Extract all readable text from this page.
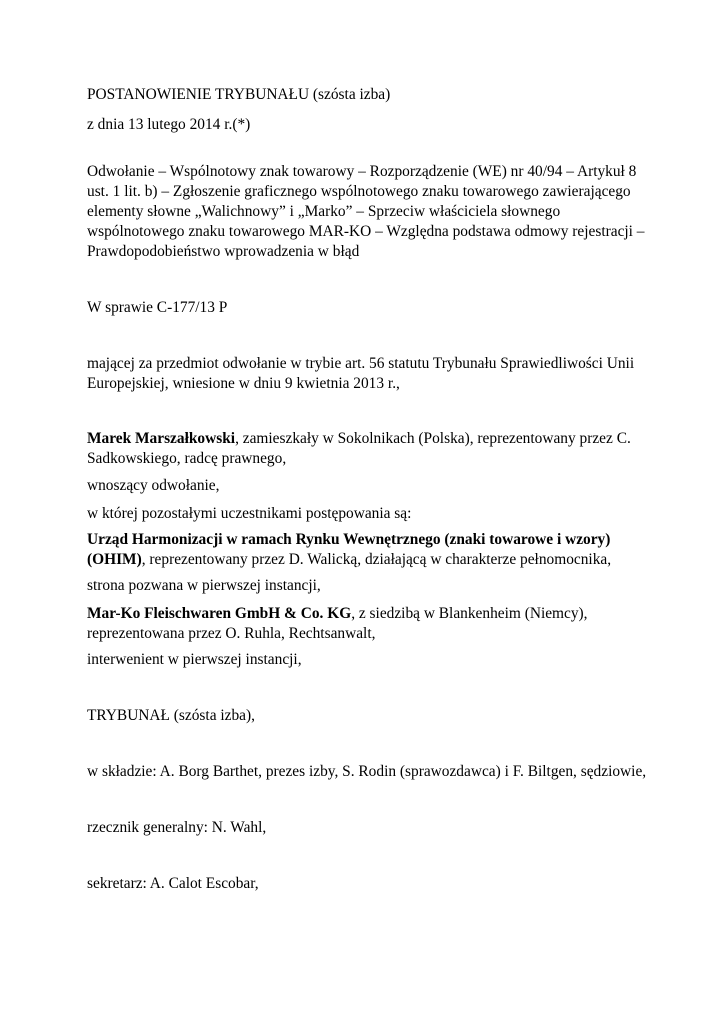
POSTANOWIENIE TRYBUNAŁU (szósta izba)

z dnia 13 lutego 2014 r.(*)

Odwołanie – Wspólnotowy znak towarowy – Rozporządzenie (WE) nr 40/94 – Artykuł 8 ust. 1 lit. b) – Zgłoszenie graficznego wspólnotowego znaku towarowego zawierającego elementy słowne „Walichnowy” i „Marko” – Sprzeciw właściciela słownego wspólnotowego znaku towarowego MAR-KO – Względna podstawa odmowy rejestracji – Prawdopodobieństwo wprowadzenia w błąd

W sprawie C‑177/13 P

mającej za przedmiot odwołanie w trybie art. 56 statutu Trybunału Sprawiedliwości Unii Europejskiej, wniesione w dniu 9 kwietnia 2013 r.,

Marek Marszałkowski, zamieszkały w Sokolnikach (Polska), reprezentowany przez C. Sadkowskiego, radcę prawnego,

wnoszący odwołanie,

w której pozostałymi uczestnikami postępowania są:

Urząd Harmonizacji w ramach Rynku Wewnętrznego (znaki towarowe i wzory) (OHIM), reprezentowany przez D. Walicką, działającą w charakterze pełnomocnika,

strona pozwana w pierwszej instancji,

Mar-Ko Fleischwaren GmbH & Co. KG, z siedzibą w Blankenheim (Niemcy), reprezentowana przez O. Ruhla, Rechtsanwalt,

interwenient w pierwszej instancji,

TRYBUNAŁ (szósta izba),

w składzie: A. Borg Barthet, prezes izby, S. Rodin (sprawozdawca) i F. Biltgen, sędziowie,

rzecznik generalny: N. Wahl,

sekretarz: A. Calot Escobar,
